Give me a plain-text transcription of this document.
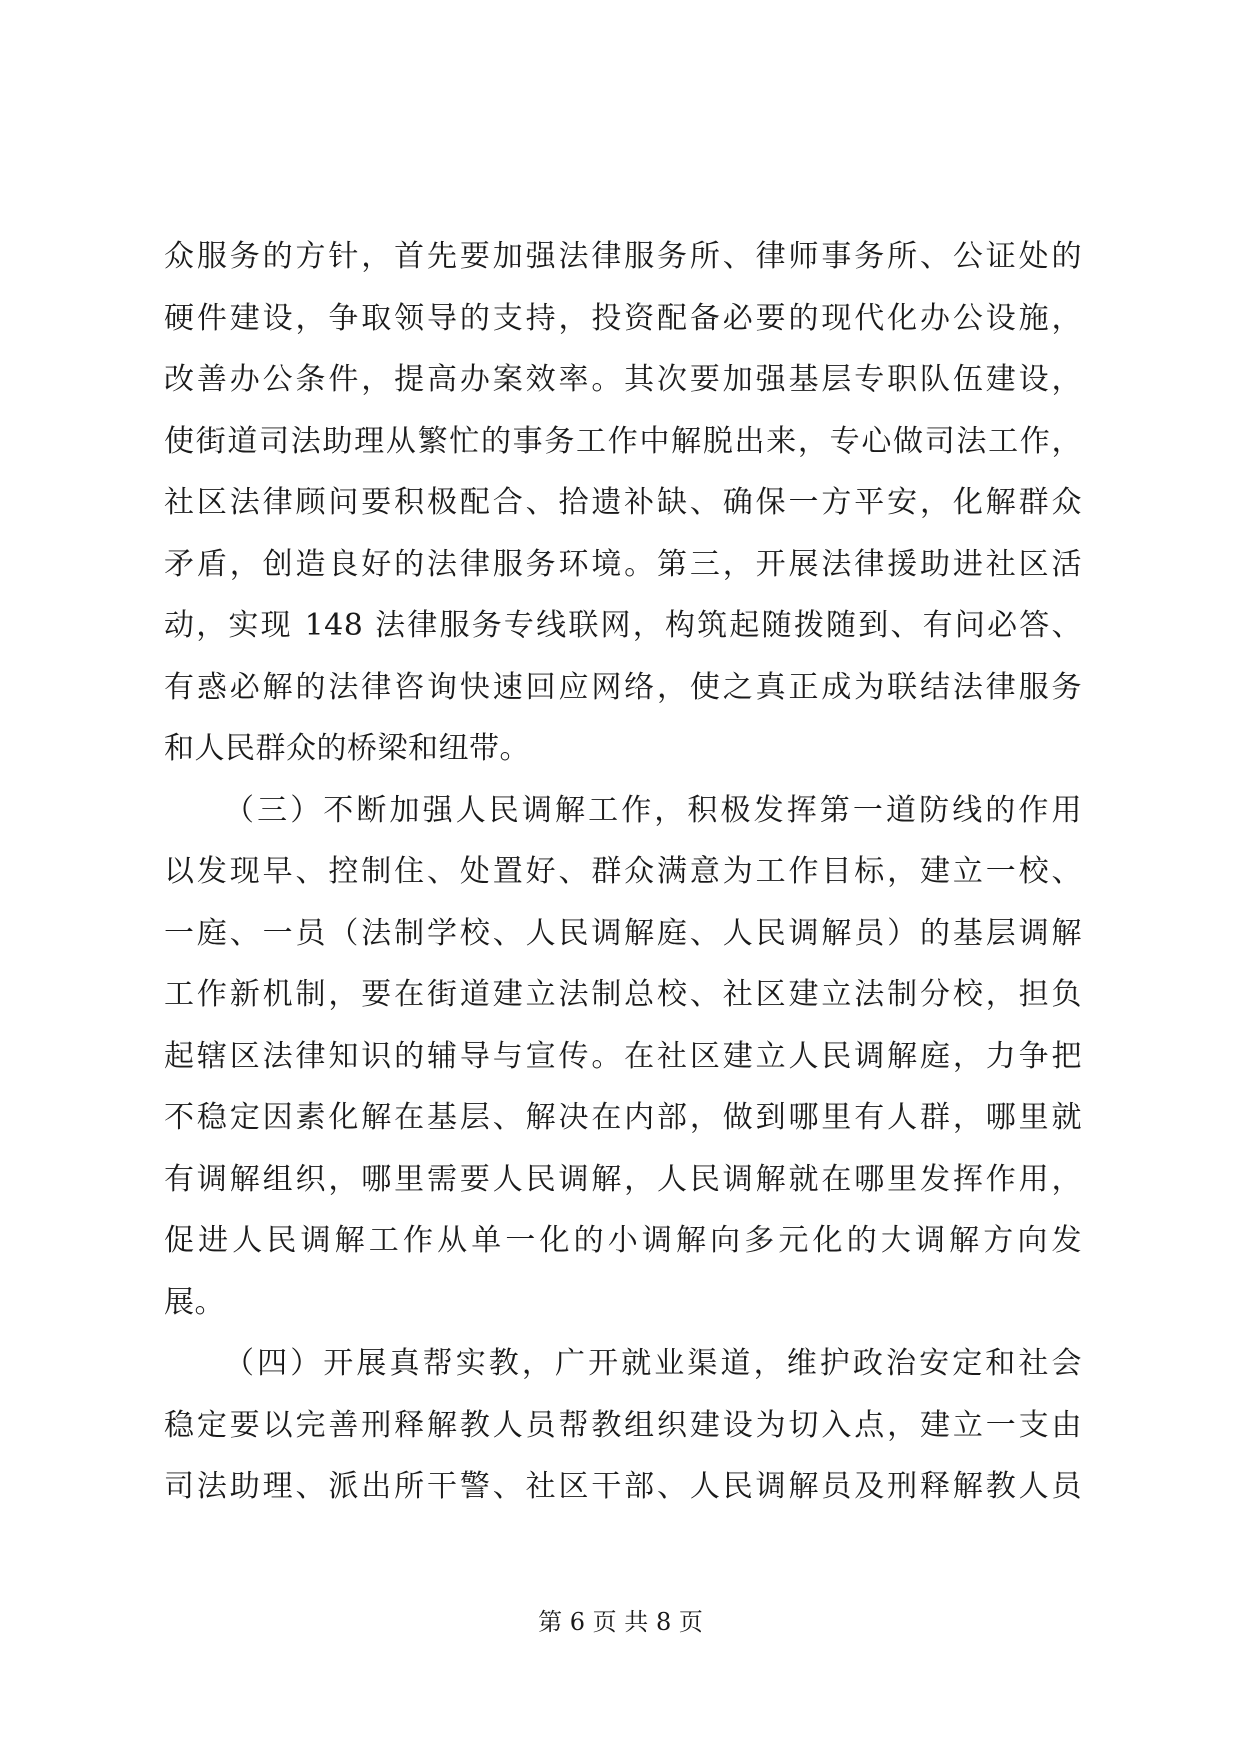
众服务的方针，首先要加强法律服务所、律师事务所、公证处的
硬件建设，争取领导的支持，投资配备必要的现代化办公设施，
改善办公条件，提高办案效率。其次要加强基层专职队伍建设，
使街道司法助理从繁忙的事务工作中解脱出来，专心做司法工作，
社区法律顾问要积极配合、拾遗补缺、确保一方平安，化解群众
矛盾，创造良好的法律服务环境。第三，开展法律援助进社区活
动，实现 148 法律服务专线联网，构筑起随拨随到、有问必答、
有惑必解的法律咨询快速回应网络，使之真正成为联结法律服务
和人民群众的桥梁和纽带。
（三）不断加强人民调解工作，积极发挥第一道防线的作用
以发现早、控制住、处置好、群众满意为工作目标，建立一校、
一庭、一员（法制学校、人民调解庭、人民调解员）的基层调解
工作新机制，要在街道建立法制总校、社区建立法制分校，担负
起辖区法律知识的辅导与宣传。在社区建立人民调解庭，力争把
不稳定因素化解在基层、解决在内部，做到哪里有人群，哪里就
有调解组织，哪里需要人民调解，人民调解就在哪里发挥作用，
促进人民调解工作从单一化的小调解向多元化的大调解方向发
展。
（四）开展真帮实教，广开就业渠道，维护政治安定和社会
稳定要以完善刑释解教人员帮教组织建设为切入点，建立一支由
司法助理、派出所干警、社区干部、人民调解员及刑释解教人员
第 6 页 共 8 页
